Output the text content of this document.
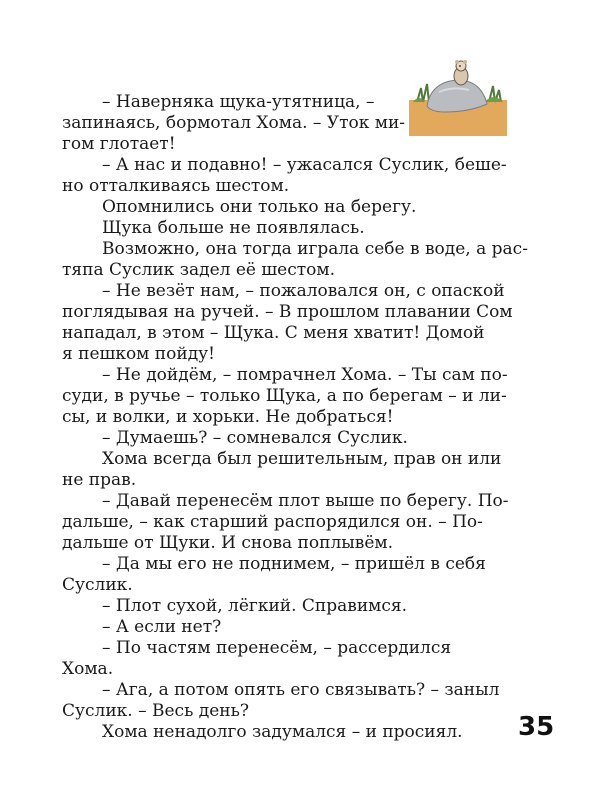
– Наверняка щука-утятница, –
запинаясь, бормотал Хома. – Уток ми-
гом глотает!
– А нас и подавно! – ужасался Суслик, беше-
но отталкиваясь шестом.
Опомнились они только на берегу.
Щука больше не появлялась.
Возможно, она тогда играла себе в воде, а рас-
тяпа Суслик задел её шестом.
– Не везёт нам, – пожаловался он, с опаской
поглядывая на ручей. – В прошлом плавании Сом
нападал, в этом – Щука. С меня хватит! Домой
я пешком пойду!
– Не дойдём, – помрачнел Хома. – Ты сам по-
суди, в ручье – только Щука, а по берегам – и ли-
сы, и волки, и хорьки. Не добраться!
– Думаешь? – сомневался Суслик.
Хома всегда был решительным, прав он или
не прав.
– Давай перенесём плот выше по берегу. По-
дальше, – как старший распорядился он. – По-
дальше от Щуки. И снова поплывём.
– Да мы его не поднимем, – пришёл в себя
Суслик.
– Плот сухой, лёгкий. Справимся.
– А если нет?
– По частям перенесём, – рассердился
Хома.
– Ага, а потом опять его связывать? – заныл
Суслик. – Весь день?
Хома ненадолго задумался – и просиял. 35
